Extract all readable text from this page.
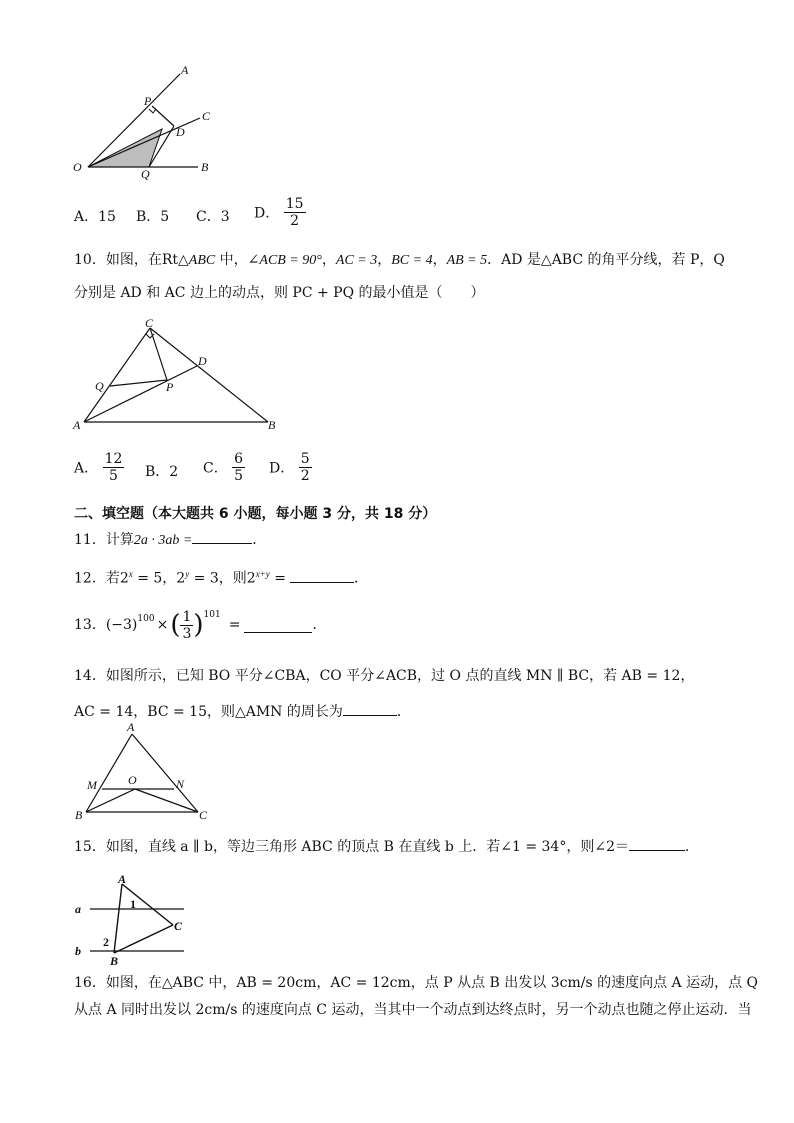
A
P
C
D
O	Q	B
A．15 B．5 C．3 D． $\frac{15}{2}$
10．如图，在Rt△ABC 中，∠ACB = 90°，AC = 3，BC = 4，AB = 5．AD 是△ABC 的角平分线，若 P，Q
分别是 AD 和 AC 边上的动点，则 PC + PQ 的最小值是（　　）
C
D
Q	P
A	B
A． $\frac{12}{5}$ B．2 C． $\frac{6}{5}$ D． $\frac{5}{2}$
二、填空题（本大题共 6 小题，每小题 3 分，共 18 分）
11．计算2a · 3ab =	．
12．若$2^x = 5$，$2^y = 3$，则$2^{x+y}$ =	．
13． $(-3)^{100}$ × ( $\frac{1}{3} )^{101}$
=	．
14．如图所示，已知 BO 平分∠CBA，CO 平分∠ACB，过 O 点的直线 MN ∥ BC，若 AB = 12，
AC = 14，BC = 15，则△AMN 的周长为	．
A
M	O	N
B	C
15．如图，直线 a ∥ b，等边三角形 ABC 的顶点 B 在直线 b 上．若∠1 = 34°，则∠2＝	．
A
a	1
C
b
2
B
16．如图，在△ABC 中，AB = 20cm，AC = 12cm，点 P 从点 B 出发以 3cm/s 的速度向点 A 运动，点 Q
从点 A 同时出发以 2cm/s 的速度向点 C 运动，当其中一个动点到达终点时，另一个动点也随之停止运动．当
